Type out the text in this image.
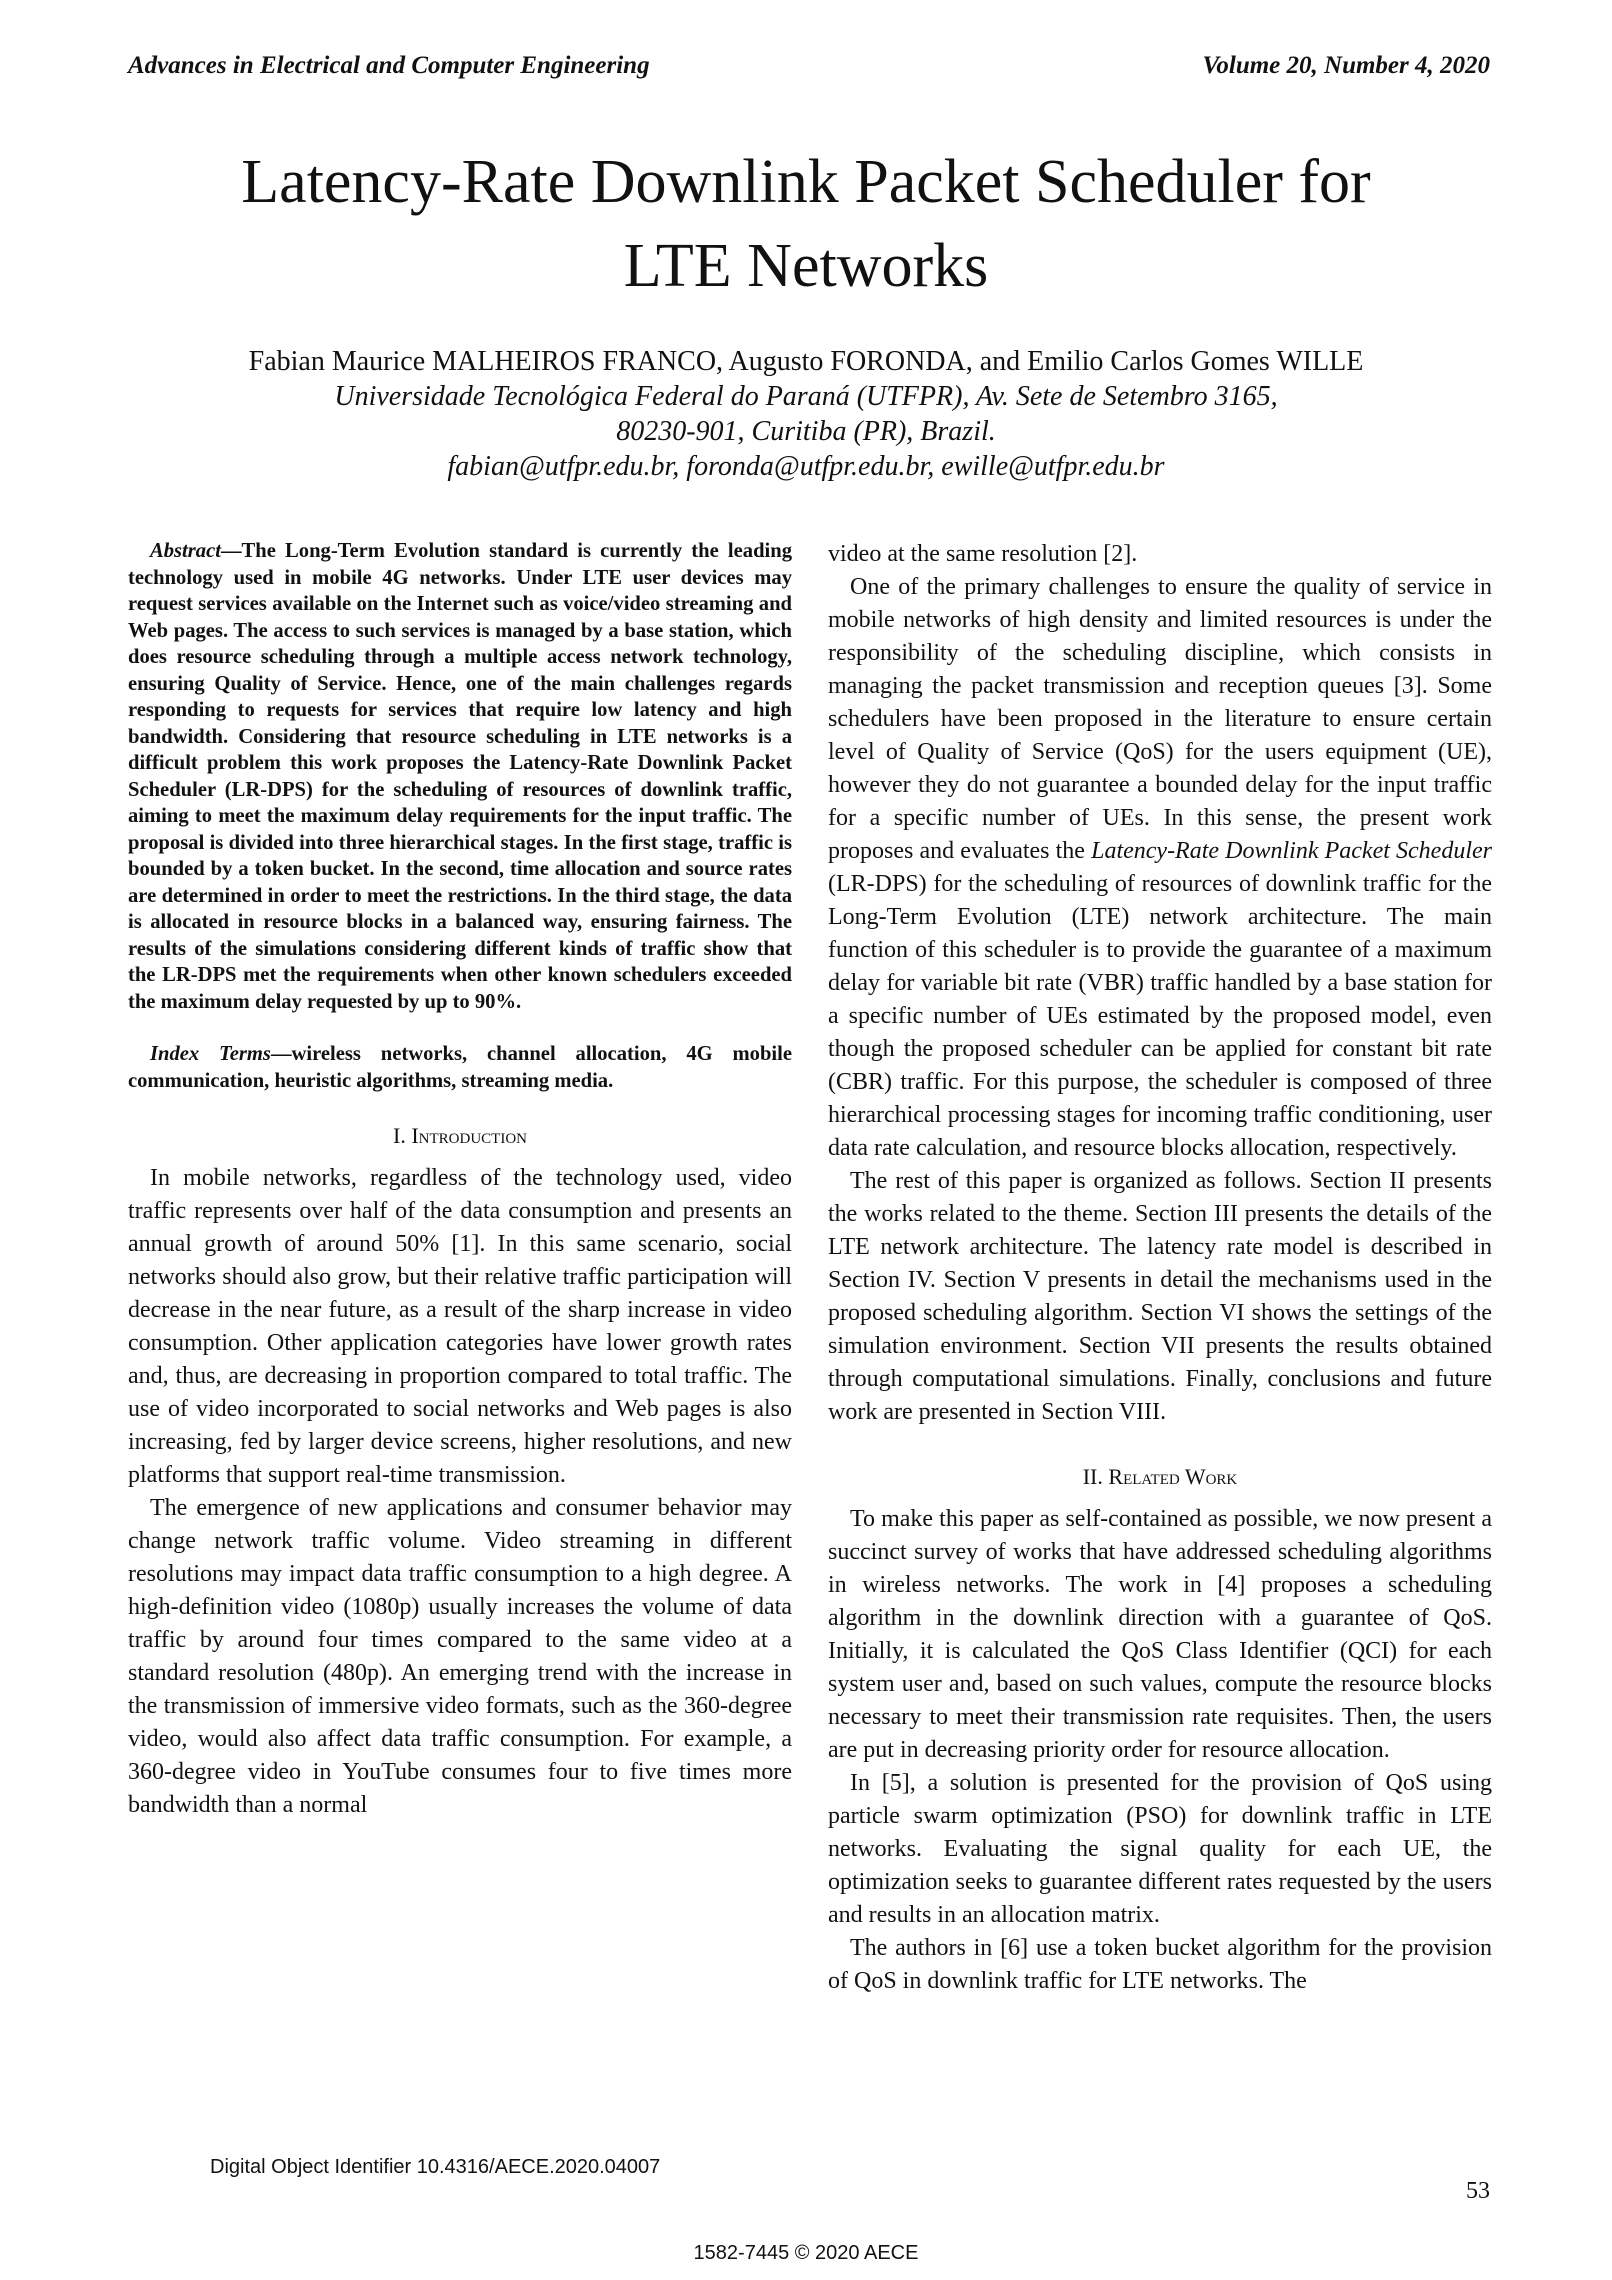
Advances in Electrical and Computer Engineering	Volume 20, Number 4, 2020
Latency-Rate Downlink Packet Scheduler for
LTE Networks
Fabian Maurice MALHEIROS FRANCO, Augusto FORONDA, and Emilio Carlos Gomes WILLE
Universidade Tecnológica Federal do Paraná (UTFPR), Av. Sete de Setembro 3165,
80230-901, Curitiba (PR), Brazil.
fabian@utfpr.edu.br, foronda@utfpr.edu.br, ewille@utfpr.edu.br

Abstract—The Long-Term Evolution standard is currently the leading technology used in mobile 4G networks. Under LTE user devices may request services available on the Internet such as voice/video streaming and Web pages. The access to such services is managed by a base station, which does resource scheduling through a multiple access network technology, ensuring Quality of Service. Hence, one of the main challenges regards responding to requests for services that require low latency and high bandwidth. Considering that resource scheduling in LTE networks is a difficult problem this work proposes the Latency-Rate Downlink Packet Scheduler (LR-DPS) for the scheduling of resources of downlink traffic, aiming to meet the maximum delay requirements for the input traffic. The proposal is divided into three hierarchical stages. In the first stage, traffic is bounded by a token bucket. In the second, time allocation and source rates are determined in order to meet the restrictions. In the third stage, the data is allocated in resource blocks in a balanced way, ensuring fairness. The results of the simulations considering different kinds of traffic show that the LR-DPS met the requirements when other known schedulers exceeded the maximum delay requested by up to 90%.

Index Terms—wireless networks, channel allocation, 4G mobile communication, heuristic algorithms, streaming media.

I. Introduction

In mobile networks, regardless of the technology used, video traffic represents over half of the data consumption and presents an annual growth of around 50% [1]. In this same scenario, social networks should also grow, but their relative traffic participation will decrease in the near future, as a result of the sharp increase in video consumption. Other application categories have lower growth rates and, thus, are decreasing in proportion compared to total traffic. The use of video incorporated to social networks and Web pages is also increasing, fed by larger device screens, higher resolutions, and new platforms that support real-time transmission.

The emergence of new applications and consumer behavior may change network traffic volume. Video streaming in different resolutions may impact data traffic consumption to a high degree. A high-definition video (1080p) usually increases the volume of data traffic by around four times compared to the same video at a standard resolution (480p). An emerging trend with the increase in the transmission of immersive video formats, such as the 360-degree video, would also affect data traffic consumption. For example, a 360-degree video in YouTube consumes four to five times more bandwidth than a normal

video at the same resolution [2].

One of the primary challenges to ensure the quality of service in mobile networks of high density and limited resources is under the responsibility of the scheduling discipline, which consists in managing the packet transmission and reception queues [3]. Some schedulers have been proposed in the literature to ensure certain level of Quality of Service (QoS) for the users equipment (UE), however they do not guarantee a bounded delay for the input traffic for a specific number of UEs. In this sense, the present work proposes and evaluates the Latency-Rate Downlink Packet Scheduler (LR-DPS) for the scheduling of resources of downlink traffic for the Long-Term Evolution (LTE) network architecture. The main function of this scheduler is to provide the guarantee of a maximum delay for variable bit rate (VBR) traffic handled by a base station for a specific number of UEs estimated by the proposed model, even though the proposed scheduler can be applied for constant bit rate (CBR) traffic. For this purpose, the scheduler is composed of three hierarchical processing stages for incoming traffic conditioning, user data rate calculation, and resource blocks allocation, respectively.

The rest of this paper is organized as follows. Section II presents the works related to the theme. Section III presents the details of the LTE network architecture. The latency rate model is described in Section IV. Section V presents in detail the mechanisms used in the proposed scheduling algorithm. Section VI shows the settings of the simulation environment. Section VII presents the results obtained through computational simulations. Finally, conclusions and future work are presented in Section VIII.

II. Related Work

To make this paper as self-contained as possible, we now present a succinct survey of works that have addressed scheduling algorithms in wireless networks. The work in [4] proposes a scheduling algorithm in the downlink direction with a guarantee of QoS. Initially, it is calculated the QoS Class Identifier (QCI) for each system user and, based on such values, compute the resource blocks necessary to meet their transmission rate requisites. Then, the users are put in decreasing priority order for resource allocation.

In [5], a solution is presented for the provision of QoS using particle swarm optimization (PSO) for downlink traffic in LTE networks. Evaluating the signal quality for each UE, the optimization seeks to guarantee different rates requested by the users and results in an allocation matrix.

The authors in [6] use a token bucket algorithm for the provision of QoS in downlink traffic for LTE networks. The

Digital Object Identifier 10.4316/AECE.2020.04007
53
1582-7445 © 2020 AECE
